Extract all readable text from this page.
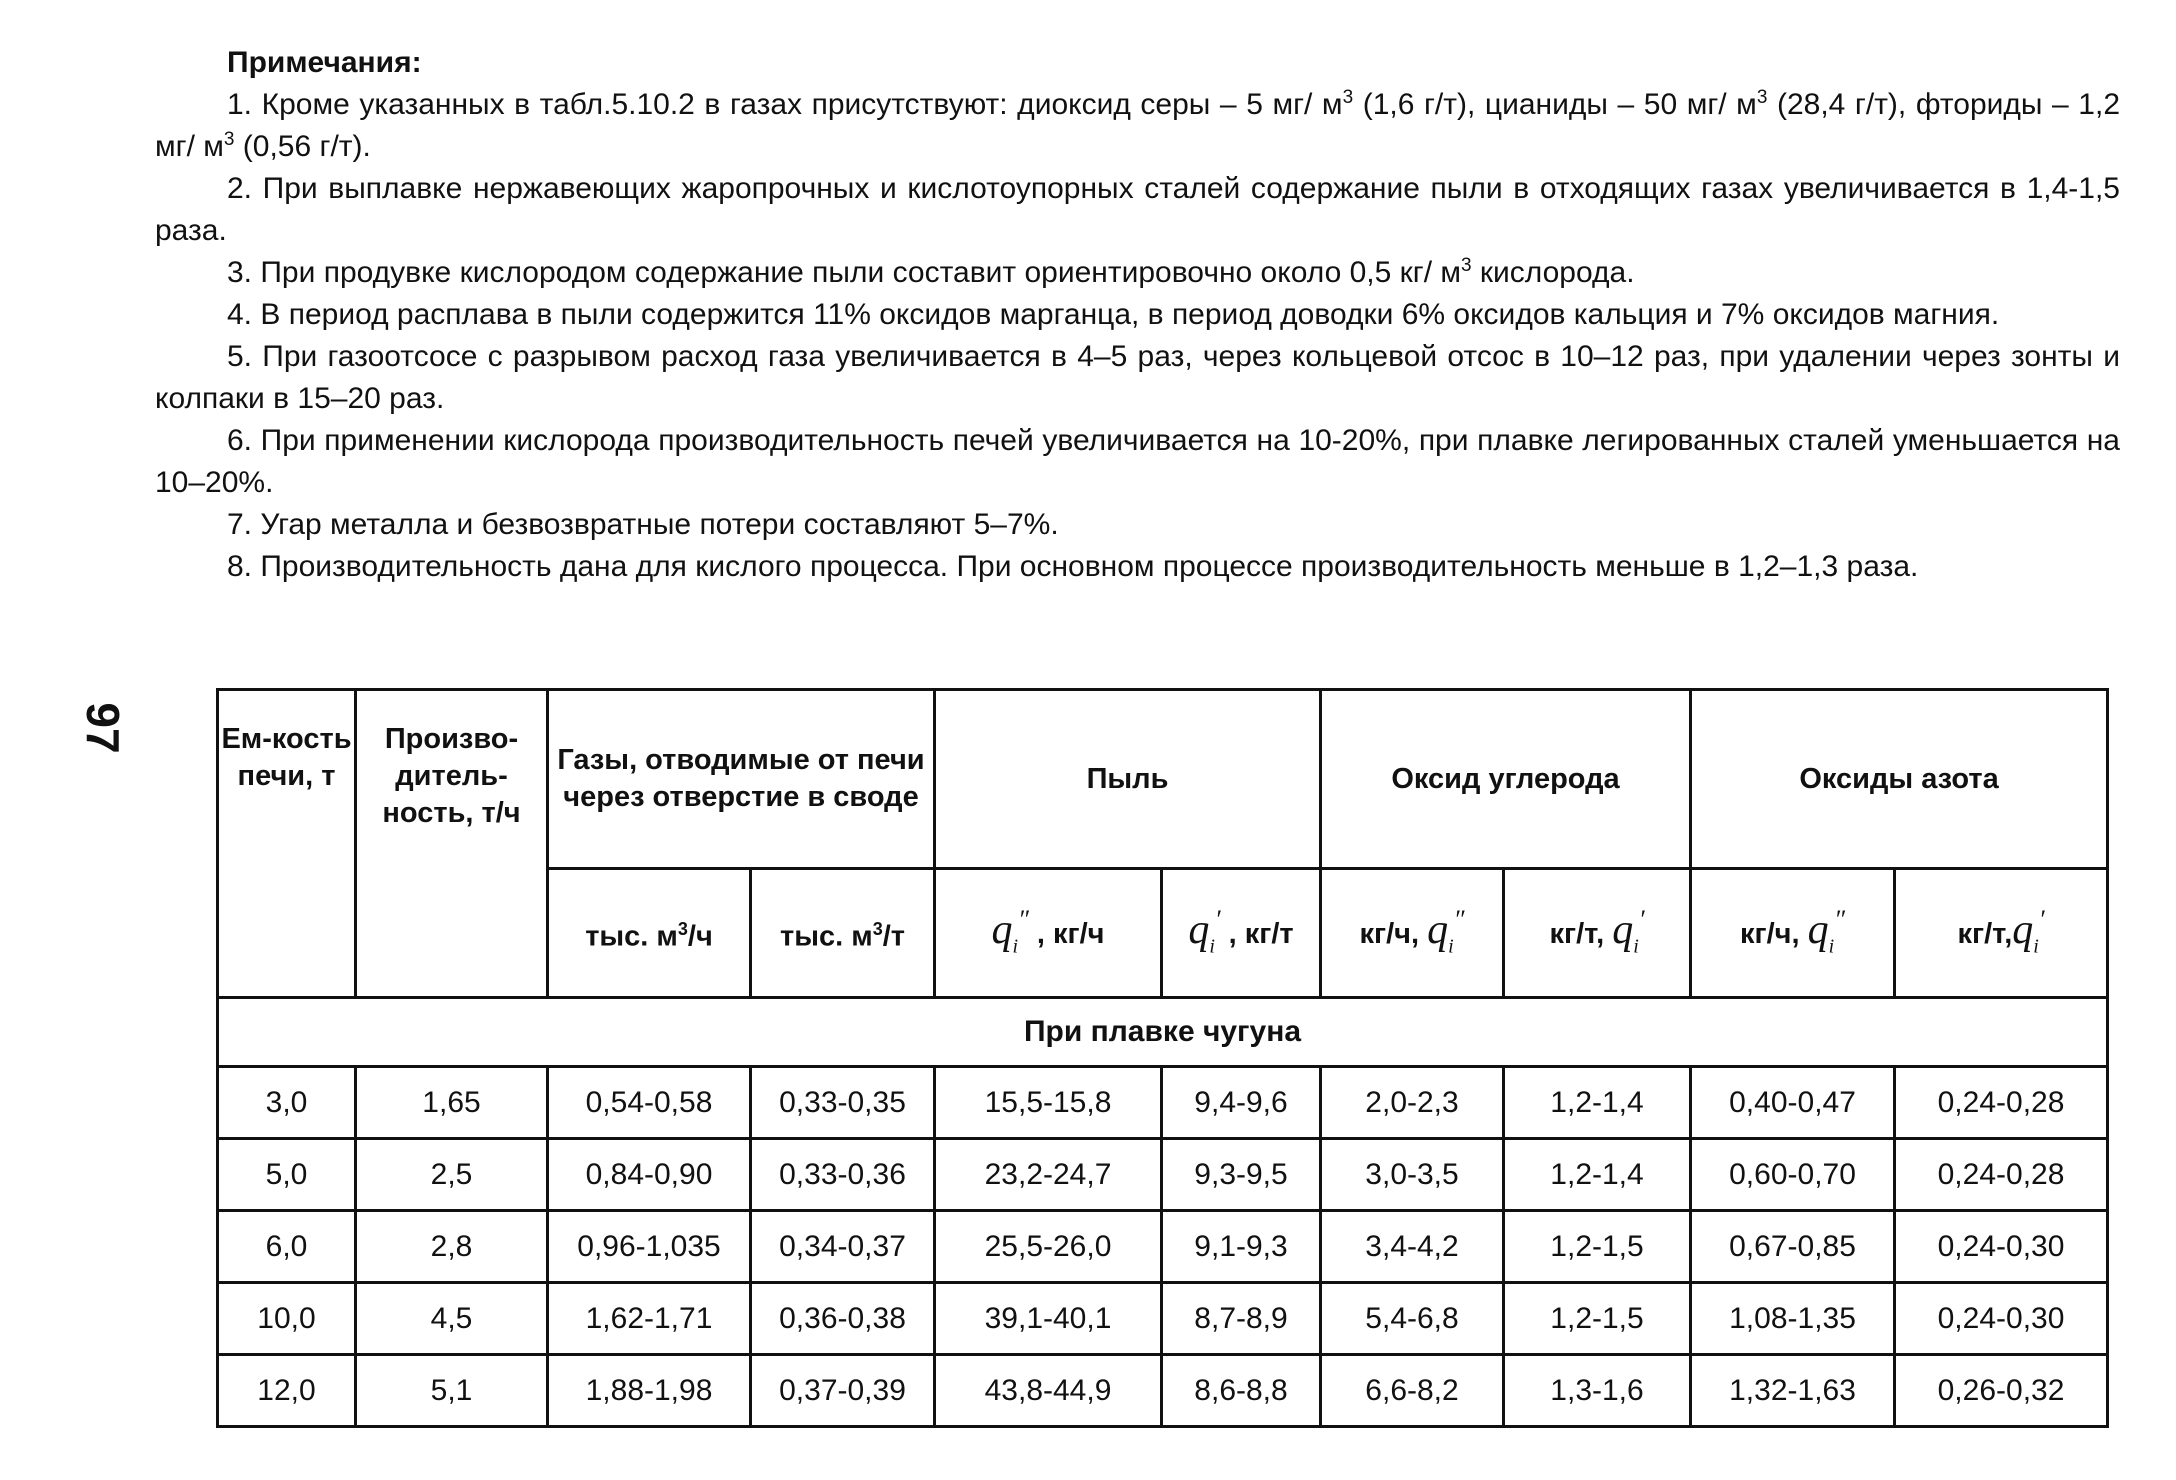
Примечания:

1. Кроме указанных в табл.5.10.2 в газах присутствуют: диоксид серы – 5 мг/ $м^3$ (1,6 г/т), цианиды – 50 мг/ $м^3$ (28,4 г/т), фториды – 1,2 мг/ $м^3$ (0,56 г/т).

2. При выплавке нержавеющих жаропрочных и кислотоупорных сталей содержание пыли в отходящих газах увеличивается в 1,4-1,5 раза.

3. При продувке кислородом содержание пыли составит ориентировочно около 0,5 кг/ $м^3$ кислорода.

4. В период расплава в пыли содержится 11% оксидов марганца, в период доводки 6% оксидов кальция и 7% оксидов магния.

5. При газоотсосе с разрывом расход газа увеличивается в 4–5 раз, через кольцевой отсос в 10–12 раз, при удалении через зонты и колпаки в 15–20 раз.

6. При применении кислорода производительность печей увеличивается на 10-20%, при плавке легированных сталей уменьшается на 10–20%.

7. Угар металла и безвозвратные потери составляют 5–7%.

8. Производительность дана для кислого процесса. При основном процессе производительность меньше в 1,2–1,3 раза.

97	Ем-кость печи, т	Произво-дитель-ность, т/ч	Газы, отводимые от печи через отверстие в своде		Пыль		Оксид углерода		Оксиды азота	
		тыс. $м^3/ч$	тыс. $м^3/т$	$q_i''$ , кг/ч	$q_i'$ , кг/т	кг/ч, $q_i''$	кг/т, $q_i'$	кг/ч, $q_i''$	$кг/т,q_i'$
При плавке чугуна									
3,0	1,65	0,54-0,58	0,33-0,35	15,5-15,8	9,4-9,6	2,0-2,3	1,2-1,4	0,40-0,47	0,24-0,28
5,0	2,5	0,84-0,90	0,33-0,36	23,2-24,7	9,3-9,5	3,0-3,5	1,2-1,4	0,60-0,70	0,24-0,28
6,0	2,8	0,96-1,035	0,34-0,37	25,5-26,0	9,1-9,3	3,4-4,2	1,2-1,5	0,67-0,85	0,24-0,30
10,0	4,5	1,62-1,71	0,36-0,38	39,1-40,1	8,7-8,9	5,4-6,8	1,2-1,5	1,08-1,35	0,24-0,30
12,0	5,1	1,88-1,98	0,37-0,39	43,8-44,9	8,6-8,8	6,6-8,2	1,3-1,6	1,32-1,63	0,26-0,32
